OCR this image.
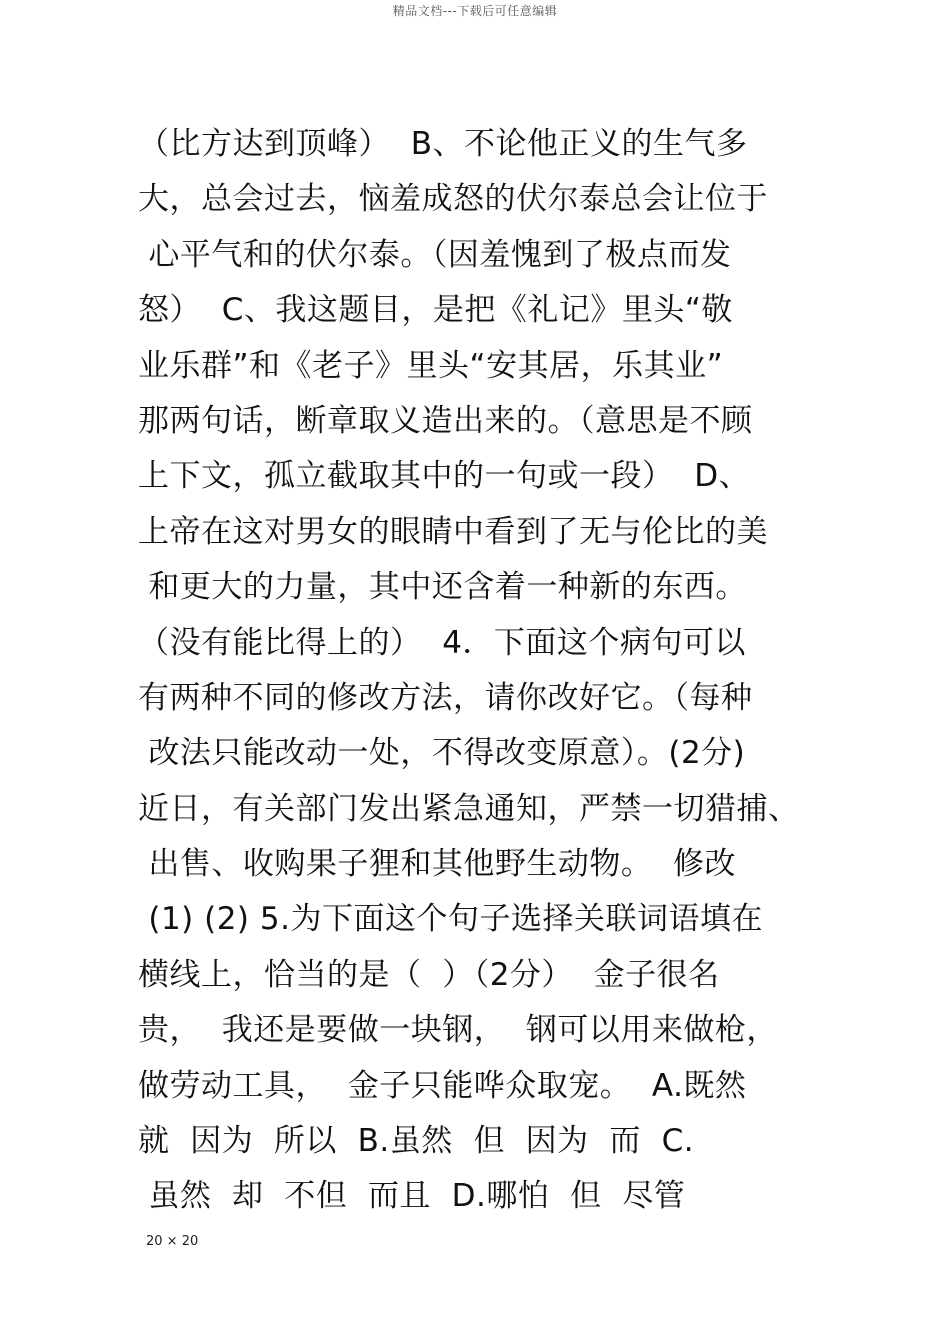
精品文档---下载后可任意编辑
（比方达到顶峰）  B、不论他正义的生气多
大，总会过去，恼羞成怒的伏尔泰总会让位于
心平气和的伏尔泰。（因羞愧到了极点而发
怒）  C、我这题目，是把《礼记》里头“敬
业乐群”和《老子》里头“安其居，乐其业”
那两句话，断章取义造出来的。（意思是不顾
上下文，孤立截取其中的一句或一段）  D、
上帝在这对男女的眼睛中看到了无与伦比的美
和更大的力量，其中还含着一种新的东西。
（没有能比得上的）  4．下面这个病句可以
有两种不同的修改方法，请你改好它。（每种
改法只能改动一处，不得改变原意）。(2分)
近日，有关部门发出紧急通知，严禁一切猎捕、
出售、收购果子狸和其他野生动物。  修改
(1) (2) 5.为下面这个句子选择关联词语填在
横线上，恰当的是（  ）（2分）  金子很名
贵，  我还是要做一块钢，  钢可以用来做枪，
做劳动工具，  金子只能哗众取宠。  A.既然
就  因为  所以  B.虽然  但  因为  而  C.
虽然  却  不但  而且  D.哪怕  但  尽管
20 × 20
